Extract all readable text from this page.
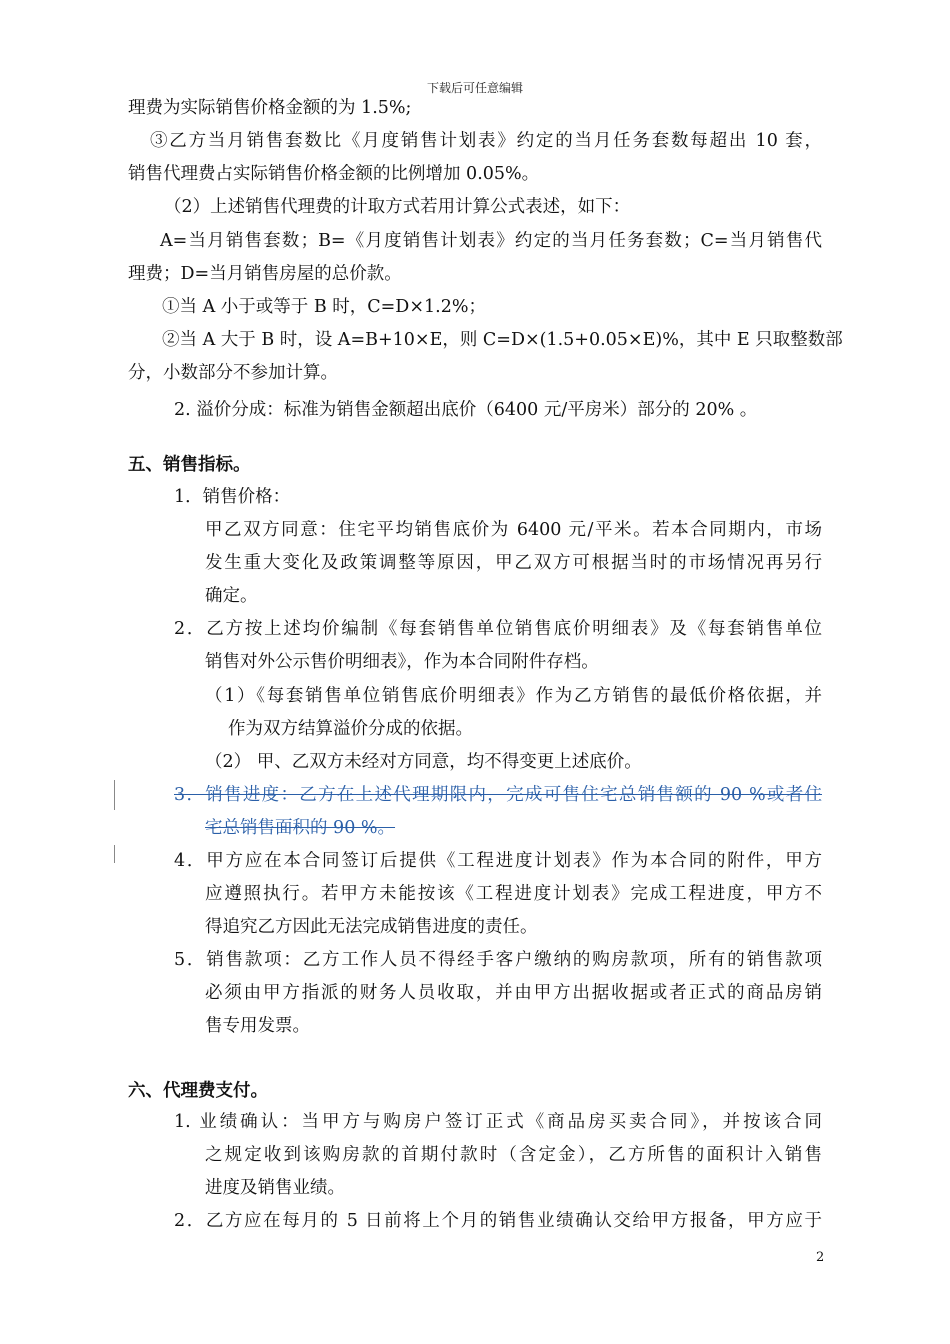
下载后可任意编辑
理费为实际销售价格金额的为 1.5%;
③乙方当月销售套数比《月度销售计划表》约定的当月任务套数每超出 10 套，
销售代理费占实际销售价格金额的比例增加 0.05%。
（2）上述销售代理费的计取方式若用计算公式表述，如下：
A=当月销售套数；B=《月度销售计划表》约定的当月任务套数；C=当月销售代
理费；D=当月销售房屋的总价款。
①当 A 小于或等于 B 时，C=D×1.2%；
②当 A 大于 B 时，设 A=B+10×E，则 C=D×(1.5+0.05×E)%，其中 E 只取整数部
分，小数部分不参加计算。
2. 溢价分成：标准为销售金额超出底价（6400 元/平房米）部分的 20% 。
五、销售指标。
1．销售价格：
甲乙双方同意：住宅平均销售底价为 6400 元/平米。若本合同期内，市场
发生重大变化及政策调整等原因，甲乙双方可根据当时的市场情况再另行
确定。
2．乙方按上述均价编制《每套销售单位销售底价明细表》及《每套销售单位
销售对外公示售价明细表》，作为本合同附件存档。
（1）《每套销售单位销售底价明细表》作为乙方销售的最低价格依据，并
作为双方结算溢价分成的依据。
（2） 甲、乙双方未经对方同意，均不得变更上述底价。
3．销售进度：乙方在上述代理期限内，完成可售住宅总销售额的 90 %或者住
宅总销售面积的 90 %。
4．甲方应在本合同签订后提供《工程进度计划表》作为本合同的附件，甲方
应遵照执行。若甲方未能按该《工程进度计划表》完成工程进度，甲方不
得追究乙方因此无法完成销售进度的责任。
5．销售款项：乙方工作人员不得经手客户缴纳的购房款项，所有的销售款项
必须由甲方指派的财务人员收取，并由甲方出据收据或者正式的商品房销
售专用发票。
六、代理费支付。
1. 业绩确认：当甲方与购房户签订正式《商品房买卖合同》，并按该合同
之规定收到该购房款的首期付款时（含定金），乙方所售的面积计入销售
进度及销售业绩。
2．乙方应在每月的 5 日前将上个月的销售业绩确认交给甲方报备，甲方应于
2
